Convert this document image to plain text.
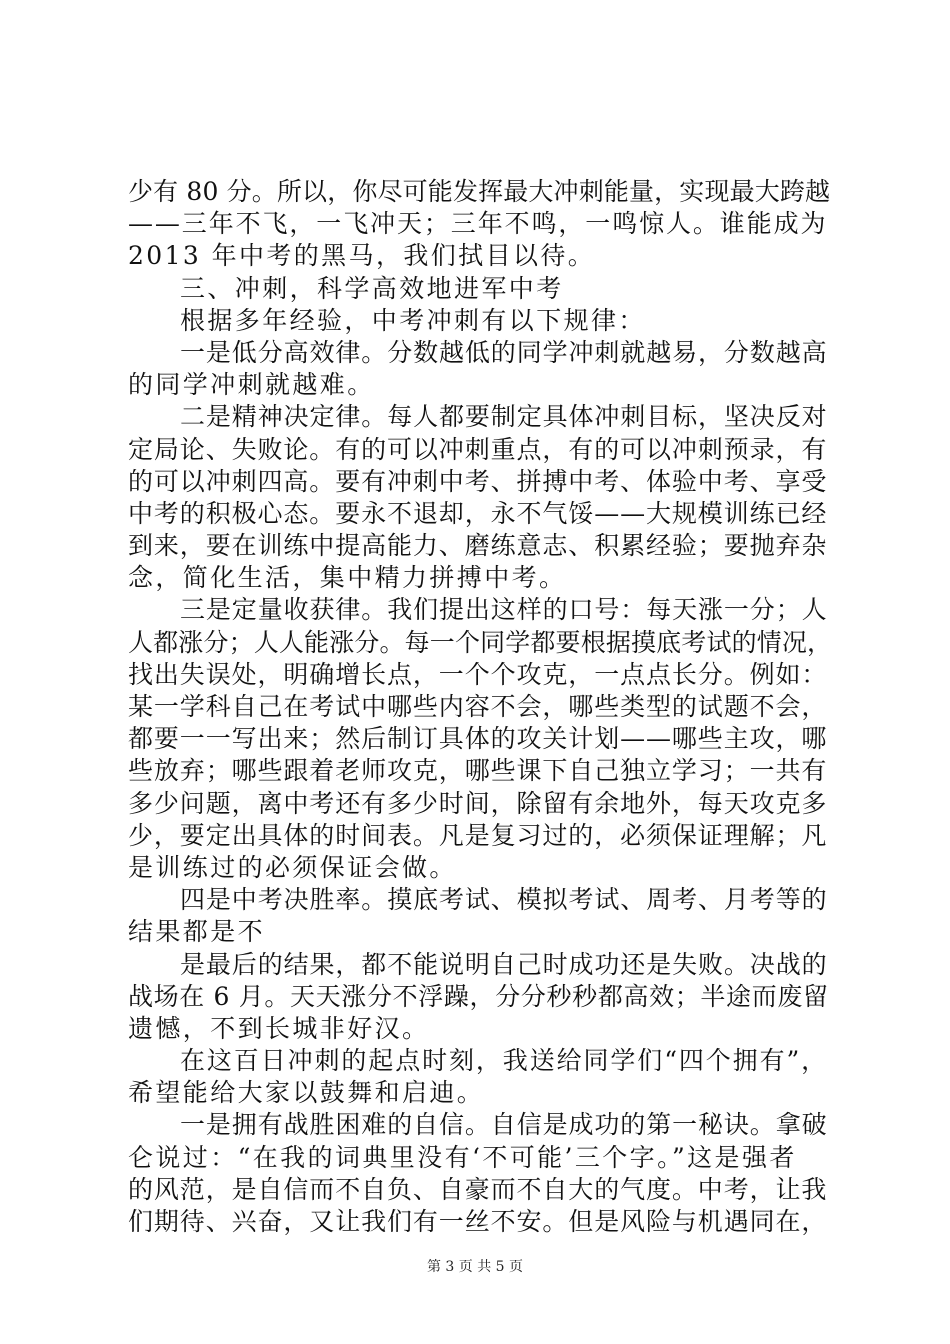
少有 80 分。所以，你尽可能发挥最大冲刺能量，实现最大跨越
——三年不飞，一飞冲天；三年不鸣，一鸣惊人。谁能成为
2013 年中考的黑马，我们拭目以待。
三、冲刺，科学高效地进军中考
根据多年经验，中考冲刺有以下规律：
一是低分高效律。分数越低的同学冲刺就越易，分数越高
的同学冲刺就越难。
二是精神决定律。每人都要制定具体冲刺目标，坚决反对
定局论、失败论。有的可以冲刺重点，有的可以冲刺预录，有
的可以冲刺四高。要有冲刺中考、拼搏中考、体验中考、享受
中考的积极心态。要永不退却，永不气馁——大规模训练已经
到来，要在训练中提高能力、磨练意志、积累经验；要抛弃杂
念，简化生活，集中精力拼搏中考。
三是定量收获律。我们提出这样的口号：每天涨一分；人
人都涨分；人人能涨分。每一个同学都要根据摸底考试的情况，
找出失误处，明确增长点，一个个攻克，一点点长分。例如：
某一学科自己在考试中哪些内容不会，哪些类型的试题不会，
都要一一写出来；然后制订具体的攻关计划——哪些主攻，哪
些放弃；哪些跟着老师攻克，哪些课下自己独立学习；一共有
多少问题，离中考还有多少时间，除留有余地外，每天攻克多
少，要定出具体的时间表。凡是复习过的，必须保证理解；凡
是训练过的必须保证会做。
四是中考决胜率。摸底考试、模拟考试、周考、月考等的
结果都是不
是最后的结果，都不能说明自己时成功还是失败。决战的
战场在 6 月。天天涨分不浮躁，分分秒秒都高效；半途而废留
遗憾，不到长城非好汉。
在这百日冲刺的起点时刻，我送给同学们“四个拥有”，
希望能给大家以鼓舞和启迪。
一是拥有战胜困难的自信。自信是成功的第一秘诀。拿破
仑说过：“在我的词典里没有‘不可能’三个字。”这是强者
的风范，是自信而不自负、自豪而不自大的气度。中考，让我
们期待、兴奋，又让我们有一丝不安。但是风险与机遇同在，
第 3 页 共 5 页
